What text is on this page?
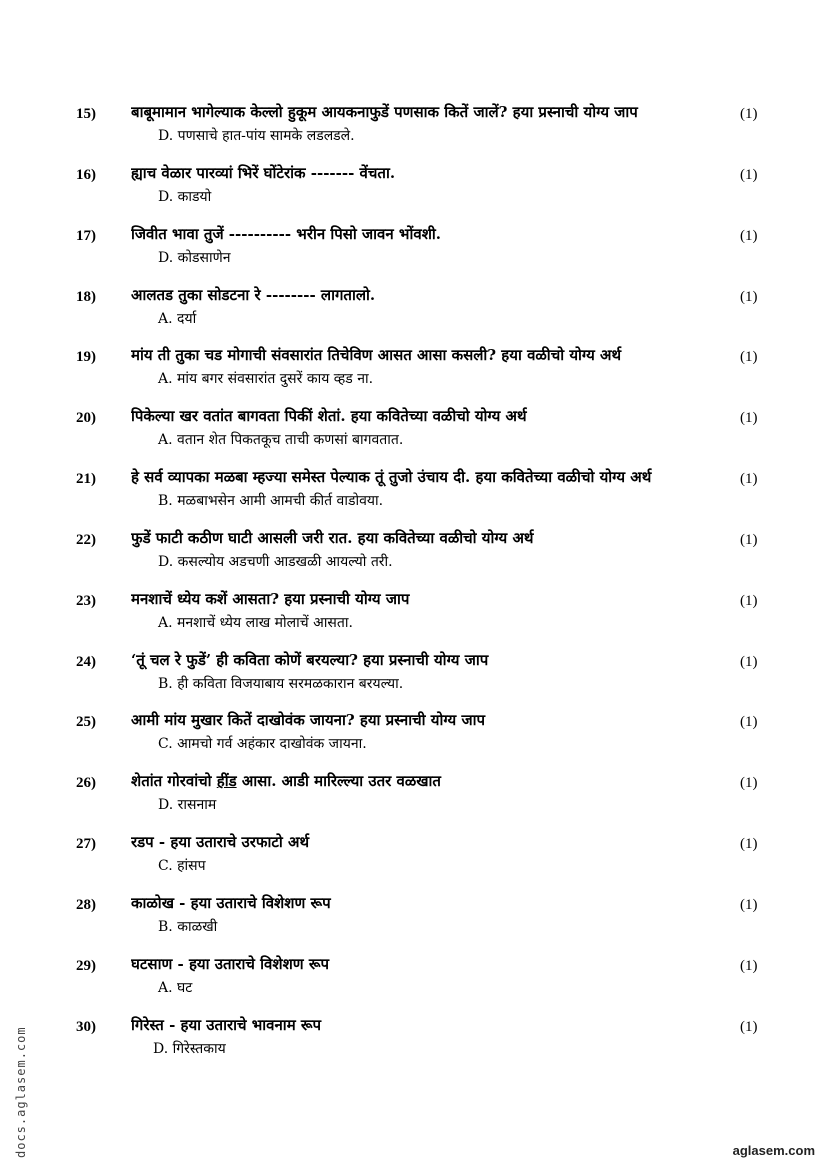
15) बाबूमामान भागेल्याक केल्लो हुकूम आयकनाफुडें पणसाक कितें जालें? हया प्रस्नाची योग्य जाप	(1)
D. पणसाचे हात-पांय सामके लडलडले.
16) ह्याच वेळार पारव्यां भिरें घोंटेरांक ------- वेंचता.	(1)
D. काडयो
17) जिवीत भावा तुजें ---------- भरीन पिसो जावन भोंवशी.	(1)
D. कोडसाणेन
18) आलतड तुका सोडटना रे -------- लागतालो.	(1)
A. दर्या
19) मांय ती तुका चड मोगाची संवसारांत तिचेविण आसत आसा कसली? हया वळीचो योग्य अर्थ	(1)
A. मांय बगर संवसारांत दुसरें काय व्हड ना.
20) पिकेल्या खर वतांत बागवता पिकीं शेतां. हया कवितेच्या वळीचो योग्य अर्थ	(1)
A. वतान शेत पिकतकूच ताची कणसां बागवतात.
21) हे सर्व व्यापका मळबा म्हज्या समेस्त पेल्याक तूं तुजो उंचाय दी. हया कवितेच्या वळीचो योग्य अर्थ	(1)
B. मळबाभसेन आमी आमची कीर्त वाडोवया.
22) फुडें फाटी कठीण घाटी आसली जरी रात. हया कवितेच्या वळीचो योग्य अर्थ	(1)
D. कसल्योय अडचणी आडखळी आयल्यो तरी.
23) मनशाचें ध्येय कशें आसता? हया प्रस्नाची योग्य जाप	(1)
A. मनशाचें ध्येय लाख मोलाचें आसता.
24) ‘तूं चल रे फुडें’ ही कविता कोणें बरयल्या? हया प्रस्नाची योग्य जाप	(1)
B. ही कविता विजयाबाय सरमळकारान बरयल्या.
25) आमी मांय मुखार कितें दाखोवंक जायना? हया प्रस्नाची योग्य जाप	(1)
C. आमचो गर्व अहंकार दाखोवंक जायना.
26) शेतांत गोरवांचो हींड आसा. आडी मारिल्ल्या उतर वळखात	(1)
D. रासनाम
27) रडप - हया उताराचे उरफाटो अर्थ	(1)
C. हांसप
28) काळोख - हया उताराचे विशेशण रूप	(1)
B. काळखी
29) घटसाण - हया उताराचे विशेशण रूप	(1)
A. घट
30) गिरेस्त - हया उताराचे भावनाम रूप	(1)
D. गिरेस्तकाय
docs.aglasem.com	aglasem.com
